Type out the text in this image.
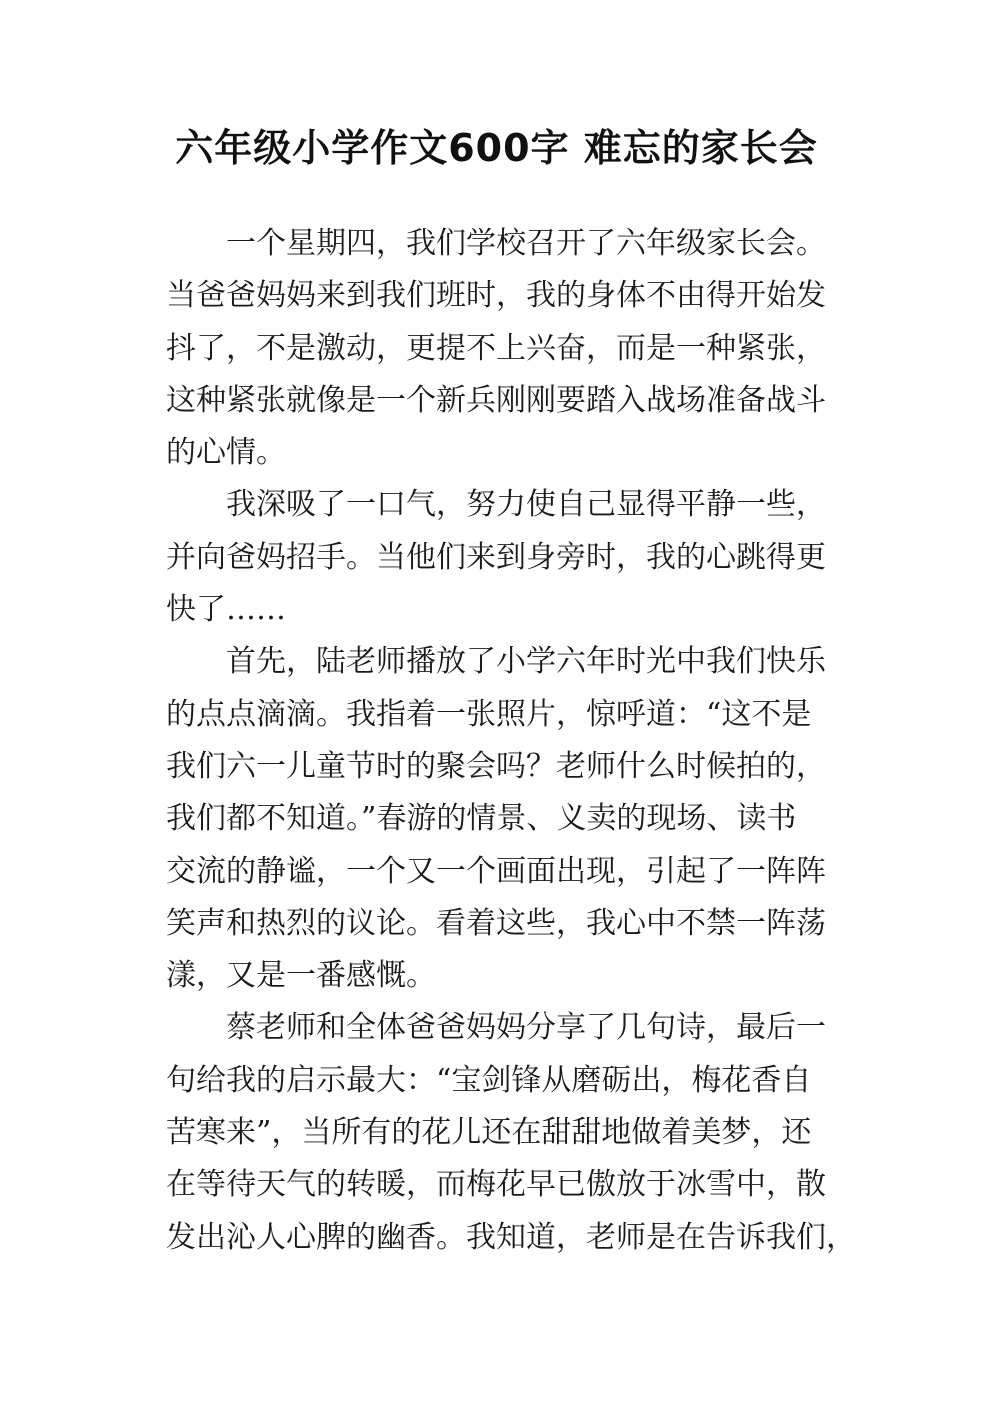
六年级小学作文600字 难忘的家长会
一个星期四，我们学校召开了六年级家长会。
当爸爸妈妈来到我们班时，我的身体不由得开始发
抖了，不是激动，更提不上兴奋，而是一种紧张，
这种紧张就像是一个新兵刚刚要踏入战场准备战斗
的心情。
我深吸了一口气，努力使自己显得平静一些，
并向爸妈招手。当他们来到身旁时，我的心跳得更
快了……
首先，陆老师播放了小学六年时光中我们快乐
的点点滴滴。我指着一张照片，惊呼道：“这不是
我们六一儿童节时的聚会吗？老师什么时候拍的，
我们都不知道。”春游的情景、义卖的现场、读书
交流的静谧，一个又一个画面出现，引起了一阵阵
笑声和热烈的议论。看着这些，我心中不禁一阵荡
漾，又是一番感慨。
蔡老师和全体爸爸妈妈分享了几句诗，最后一
句给我的启示最大：“宝剑锋从磨砺出，梅花香自
苦寒来”，当所有的花儿还在甜甜地做着美梦，还
在等待天气的转暖，而梅花早已傲放于冰雪中，散
发出沁人心脾的幽香。我知道，老师是在告诉我们，
